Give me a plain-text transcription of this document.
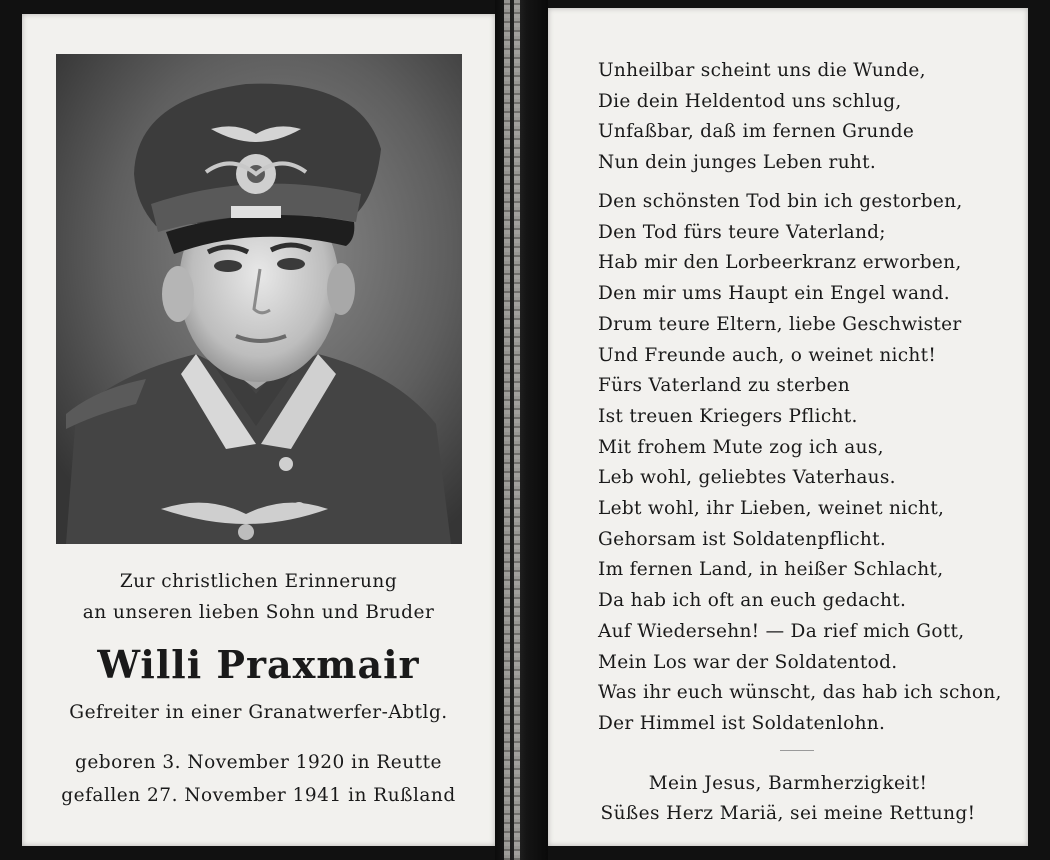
Zur christlichen Erinnerung
an unseren lieben Sohn und Bruder
Willi Praxmair
Gefreiter in einer Granatwerfer-Abtlg.
geboren 3. November 1920 in Reutte
gefallen 27. November 1941 in Rußland
Unheilbar scheint uns die Wunde,
Die dein Heldentod uns schlug,
Unfaßbar, daß im fernen Grunde
Nun dein junges Leben ruht.
Den schönsten Tod bin ich gestorben,
Den Tod fürs teure Vaterland;
Hab mir den Lorbeerkranz erworben,
Den mir ums Haupt ein Engel wand.
Drum teure Eltern, liebe Geschwister
Und Freunde auch, o weinet nicht!
Fürs Vaterland zu sterben
Ist treuen Kriegers Pflicht.
Mit frohem Mute zog ich aus,
Leb wohl, geliebtes Vaterhaus.
Lebt wohl, ihr Lieben, weinet nicht,
Gehorsam ist Soldatenpflicht.
Im fernen Land, in heißer Schlacht,
Da hab ich oft an euch gedacht.
Auf Wiedersehn! — Da rief mich Gott,
Mein Los war der Soldatentod.
Was ihr euch wünscht, das hab ich schon,
Der Himmel ist Soldatenlohn.
Mein Jesus, Barmherzigkeit!
Süßes Herz Mariä, sei meine Rettung!
